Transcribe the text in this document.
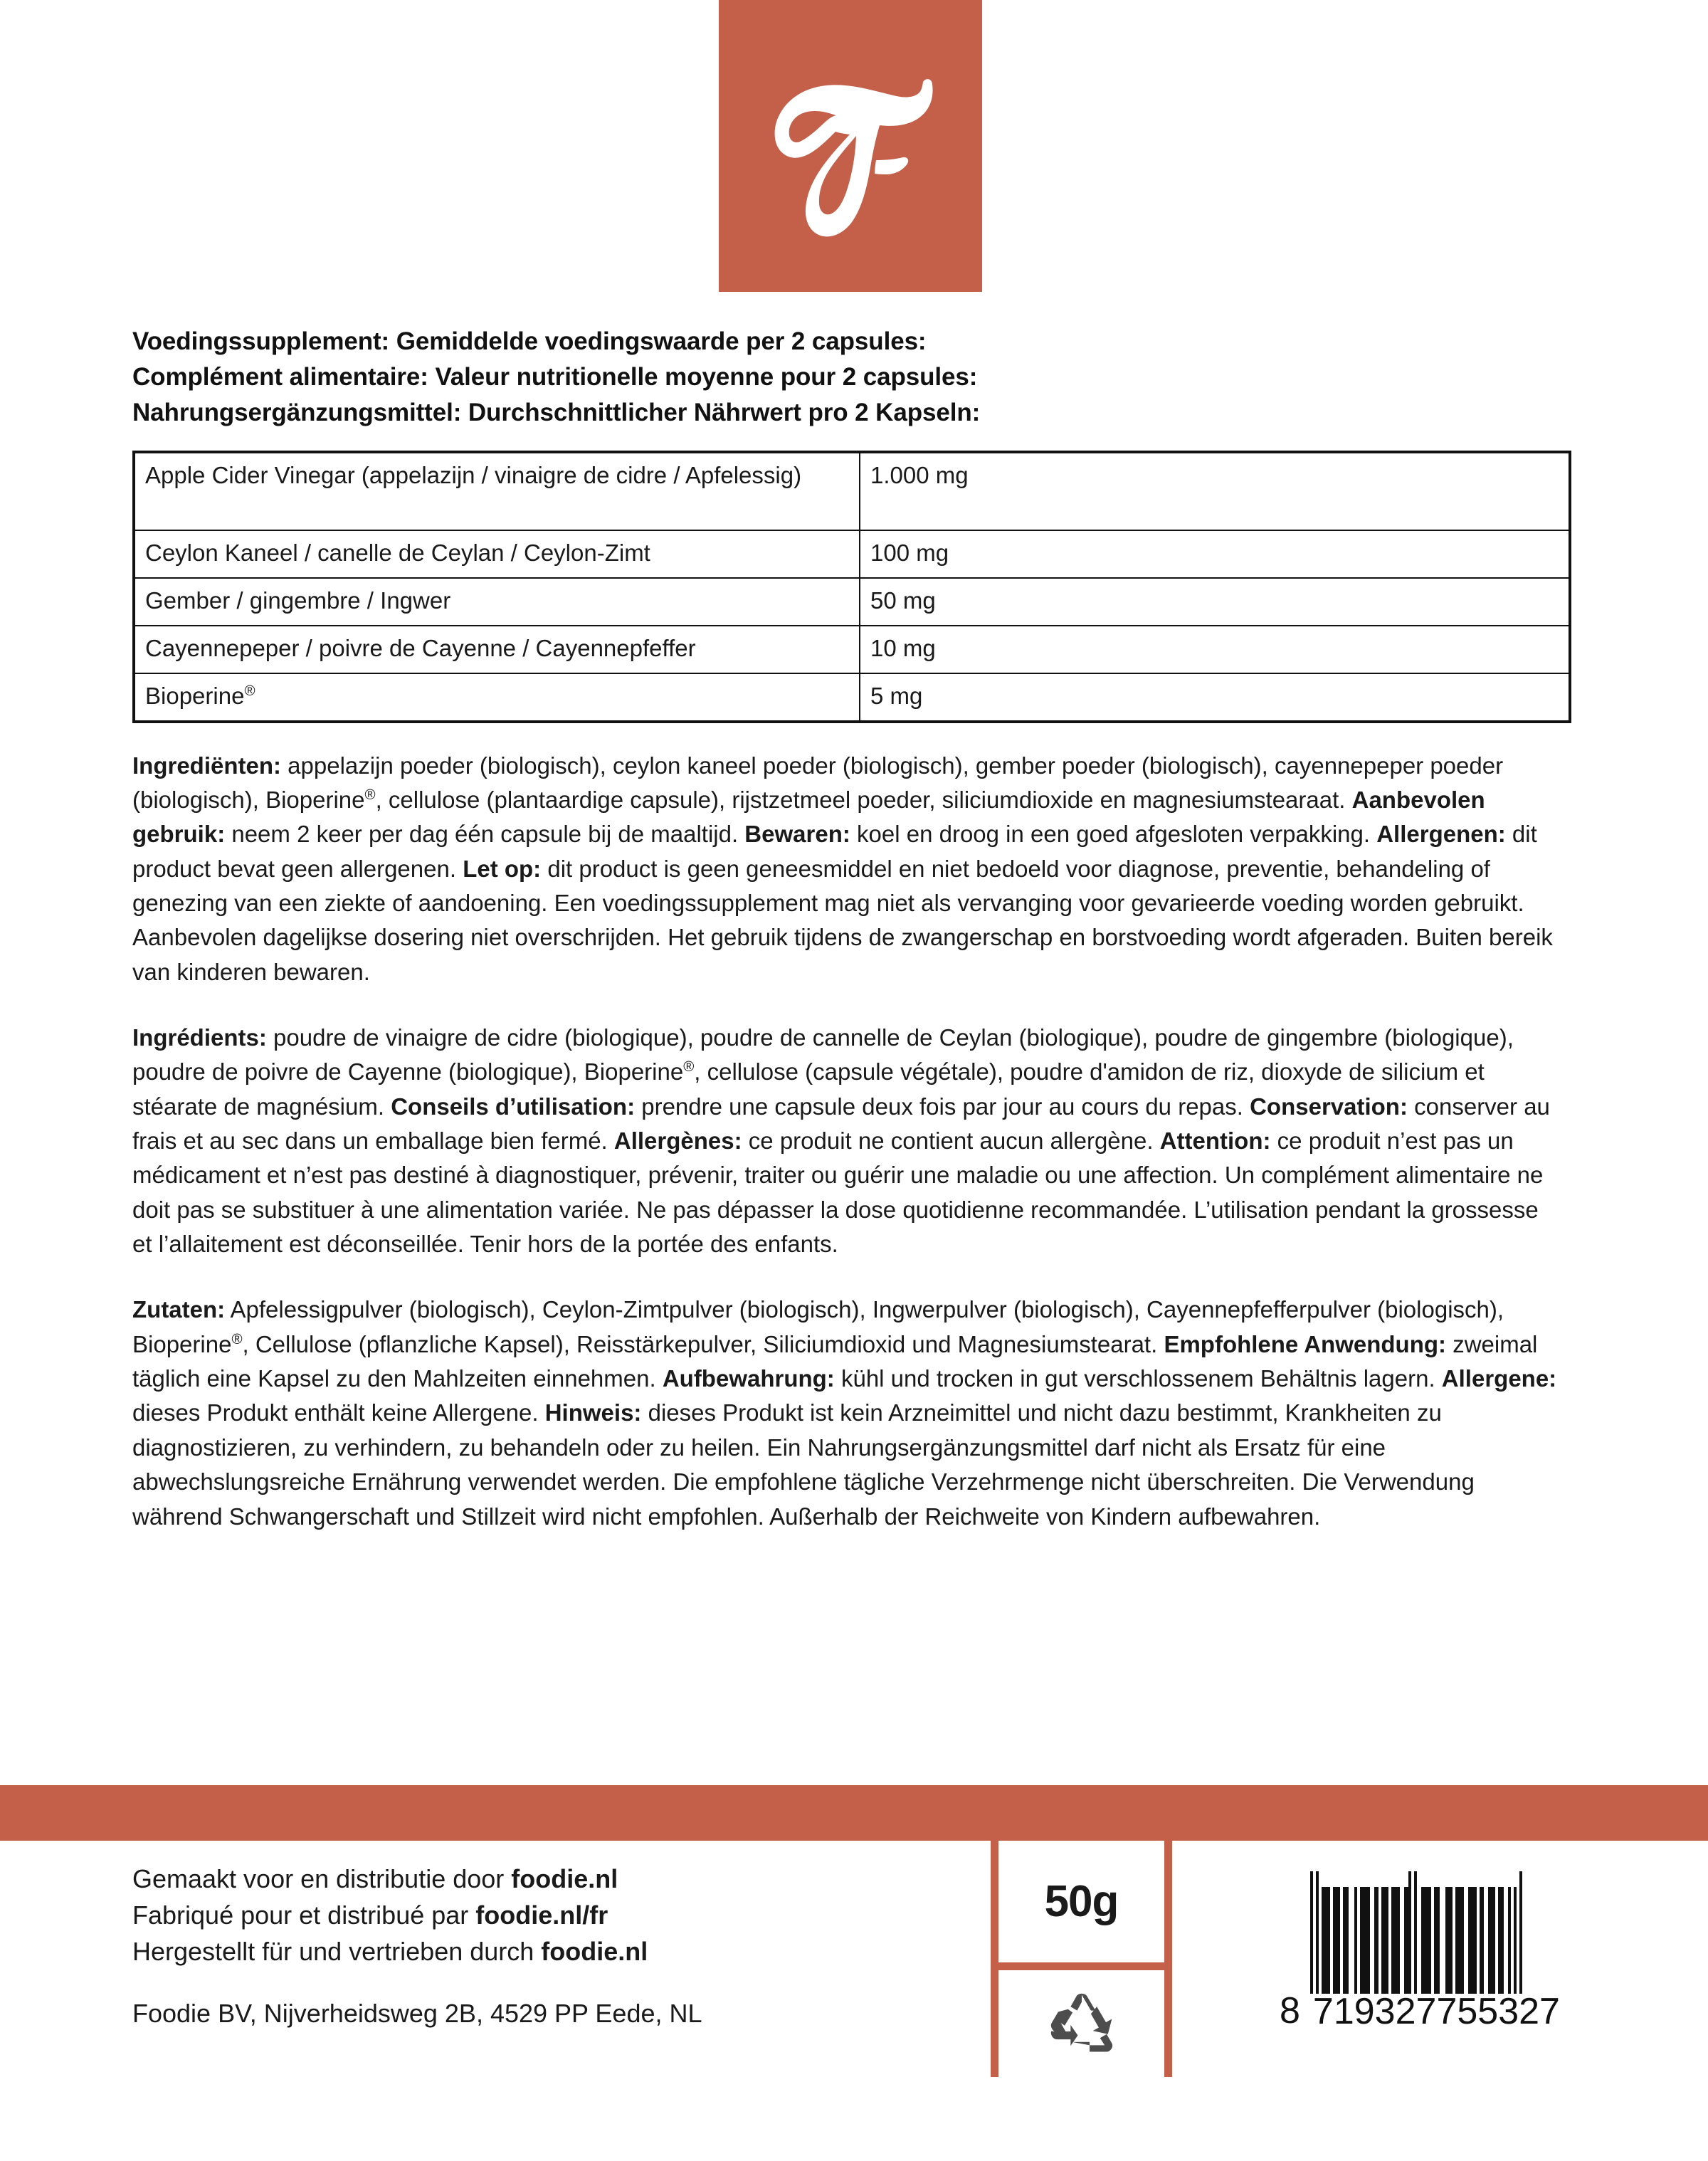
Voedingssupplement: Gemiddelde voedingswaarde per 2 capsules:
Complément alimentaire: Valeur nutritionelle moyenne pour 2 capsules:
Nahrungsergänzungsmittel: Durchschnittlicher Nährwert pro 2 Kapseln:
Apple Cider Vinegar (appelazijn / vinaigre de cidre / Apfelessig)	1.000 mg
Ceylon Kaneel / canelle de Ceylan / Ceylon-Zimt	100 mg
Gember / gingembre / Ingwer	50 mg
Cayennepeper / poivre de Cayenne / Cayennepfeffer	10 mg
Bioperine®	5 mg

Ingrediënten: appelazijn poeder (biologisch), ceylon kaneel poeder (biologisch), gember poeder (biologisch), cayennepeper poeder (biologisch), Bioperine®, cellulose (plantaardige capsule), rijstzetmeel poeder, siliciumdioxide en magnesiumstearaat. Aanbevolen gebruik: neem 2 keer per dag één capsule bij de maaltijd. Bewaren: koel en droog in een goed afgesloten verpakking. Allergenen: dit product bevat geen allergenen. Let op: dit product is geen geneesmiddel en niet bedoeld voor diagnose, preventie, behandeling of genezing van een ziekte of aandoening. Een voedingssupplement mag niet als vervanging voor gevarieerde voeding worden gebruikt. Aanbevolen dagelijkse dosering niet overschrijden. Het gebruik tijdens de zwangerschap en borstvoeding wordt afgeraden. Buiten bereik van kinderen bewaren.

Ingrédients: poudre de vinaigre de cidre (biologique), poudre de cannelle de Ceylan (biologique), poudre de gingembre (biologique), poudre de poivre de Cayenne (biologique), Bioperine®, cellulose (capsule végétale), poudre d'amidon de riz, dioxyde de silicium et stéarate de magnésium. Conseils d’utilisation: prendre une capsule deux fois par jour au cours du repas. Conservation: conserver au frais et au sec dans un emballage bien fermé. Allergènes: ce produit ne contient aucun allergène. Attention: ce produit n’est pas un médicament et n’est pas destiné à diagnostiquer, prévenir, traiter ou guérir une maladie ou une affection. Un complément alimentaire ne doit pas se substituer à une alimentation variée. Ne pas dépasser la dose quotidienne recommandée. L’utilisation pendant la grossesse et l’allaitement est déconseillée. Tenir hors de la portée des enfants.

Zutaten: Apfelessigpulver (biologisch), Ceylon-Zimtpulver (biologisch), Ingwerpulver (biologisch), Cayennepfefferpulver (biologisch), Bioperine®, Cellulose (pflanzliche Kapsel), Reisstärkepulver, Siliciumdioxid und Magnesiumstearat. Empfohlene Anwendung: zweimal täglich eine Kapsel zu den Mahlzeiten einnehmen. Aufbewahrung: kühl und trocken in gut verschlossenem Behältnis lagern. Allergene: dieses Produkt enthält keine Allergene. Hinweis: dieses Produkt ist kein Arzneimittel und nicht dazu bestimmt, Krankheiten zu diagnostizieren, zu verhindern, zu behandeln oder zu heilen. Ein Nahrungsergänzungsmittel darf nicht als Ersatz für eine abwechslungsreiche Ernährung verwendet werden. Die empfohlene tägliche Verzehrmenge nicht überschreiten. Die Verwendung während Schwangerschaft und Stillzeit wird nicht empfohlen. Außerhalb der Reichweite von Kindern aufbewahren.

Gemaakt voor en distributie door foodie.nl
Fabriqué pour et distribué par foodie.nl/fr
Hergestellt für und vertrieben durch foodie.nl
Foodie BV, Nijverheidsweg 2B, 4529 PP Eede, NL
50g
8 719327 755327
